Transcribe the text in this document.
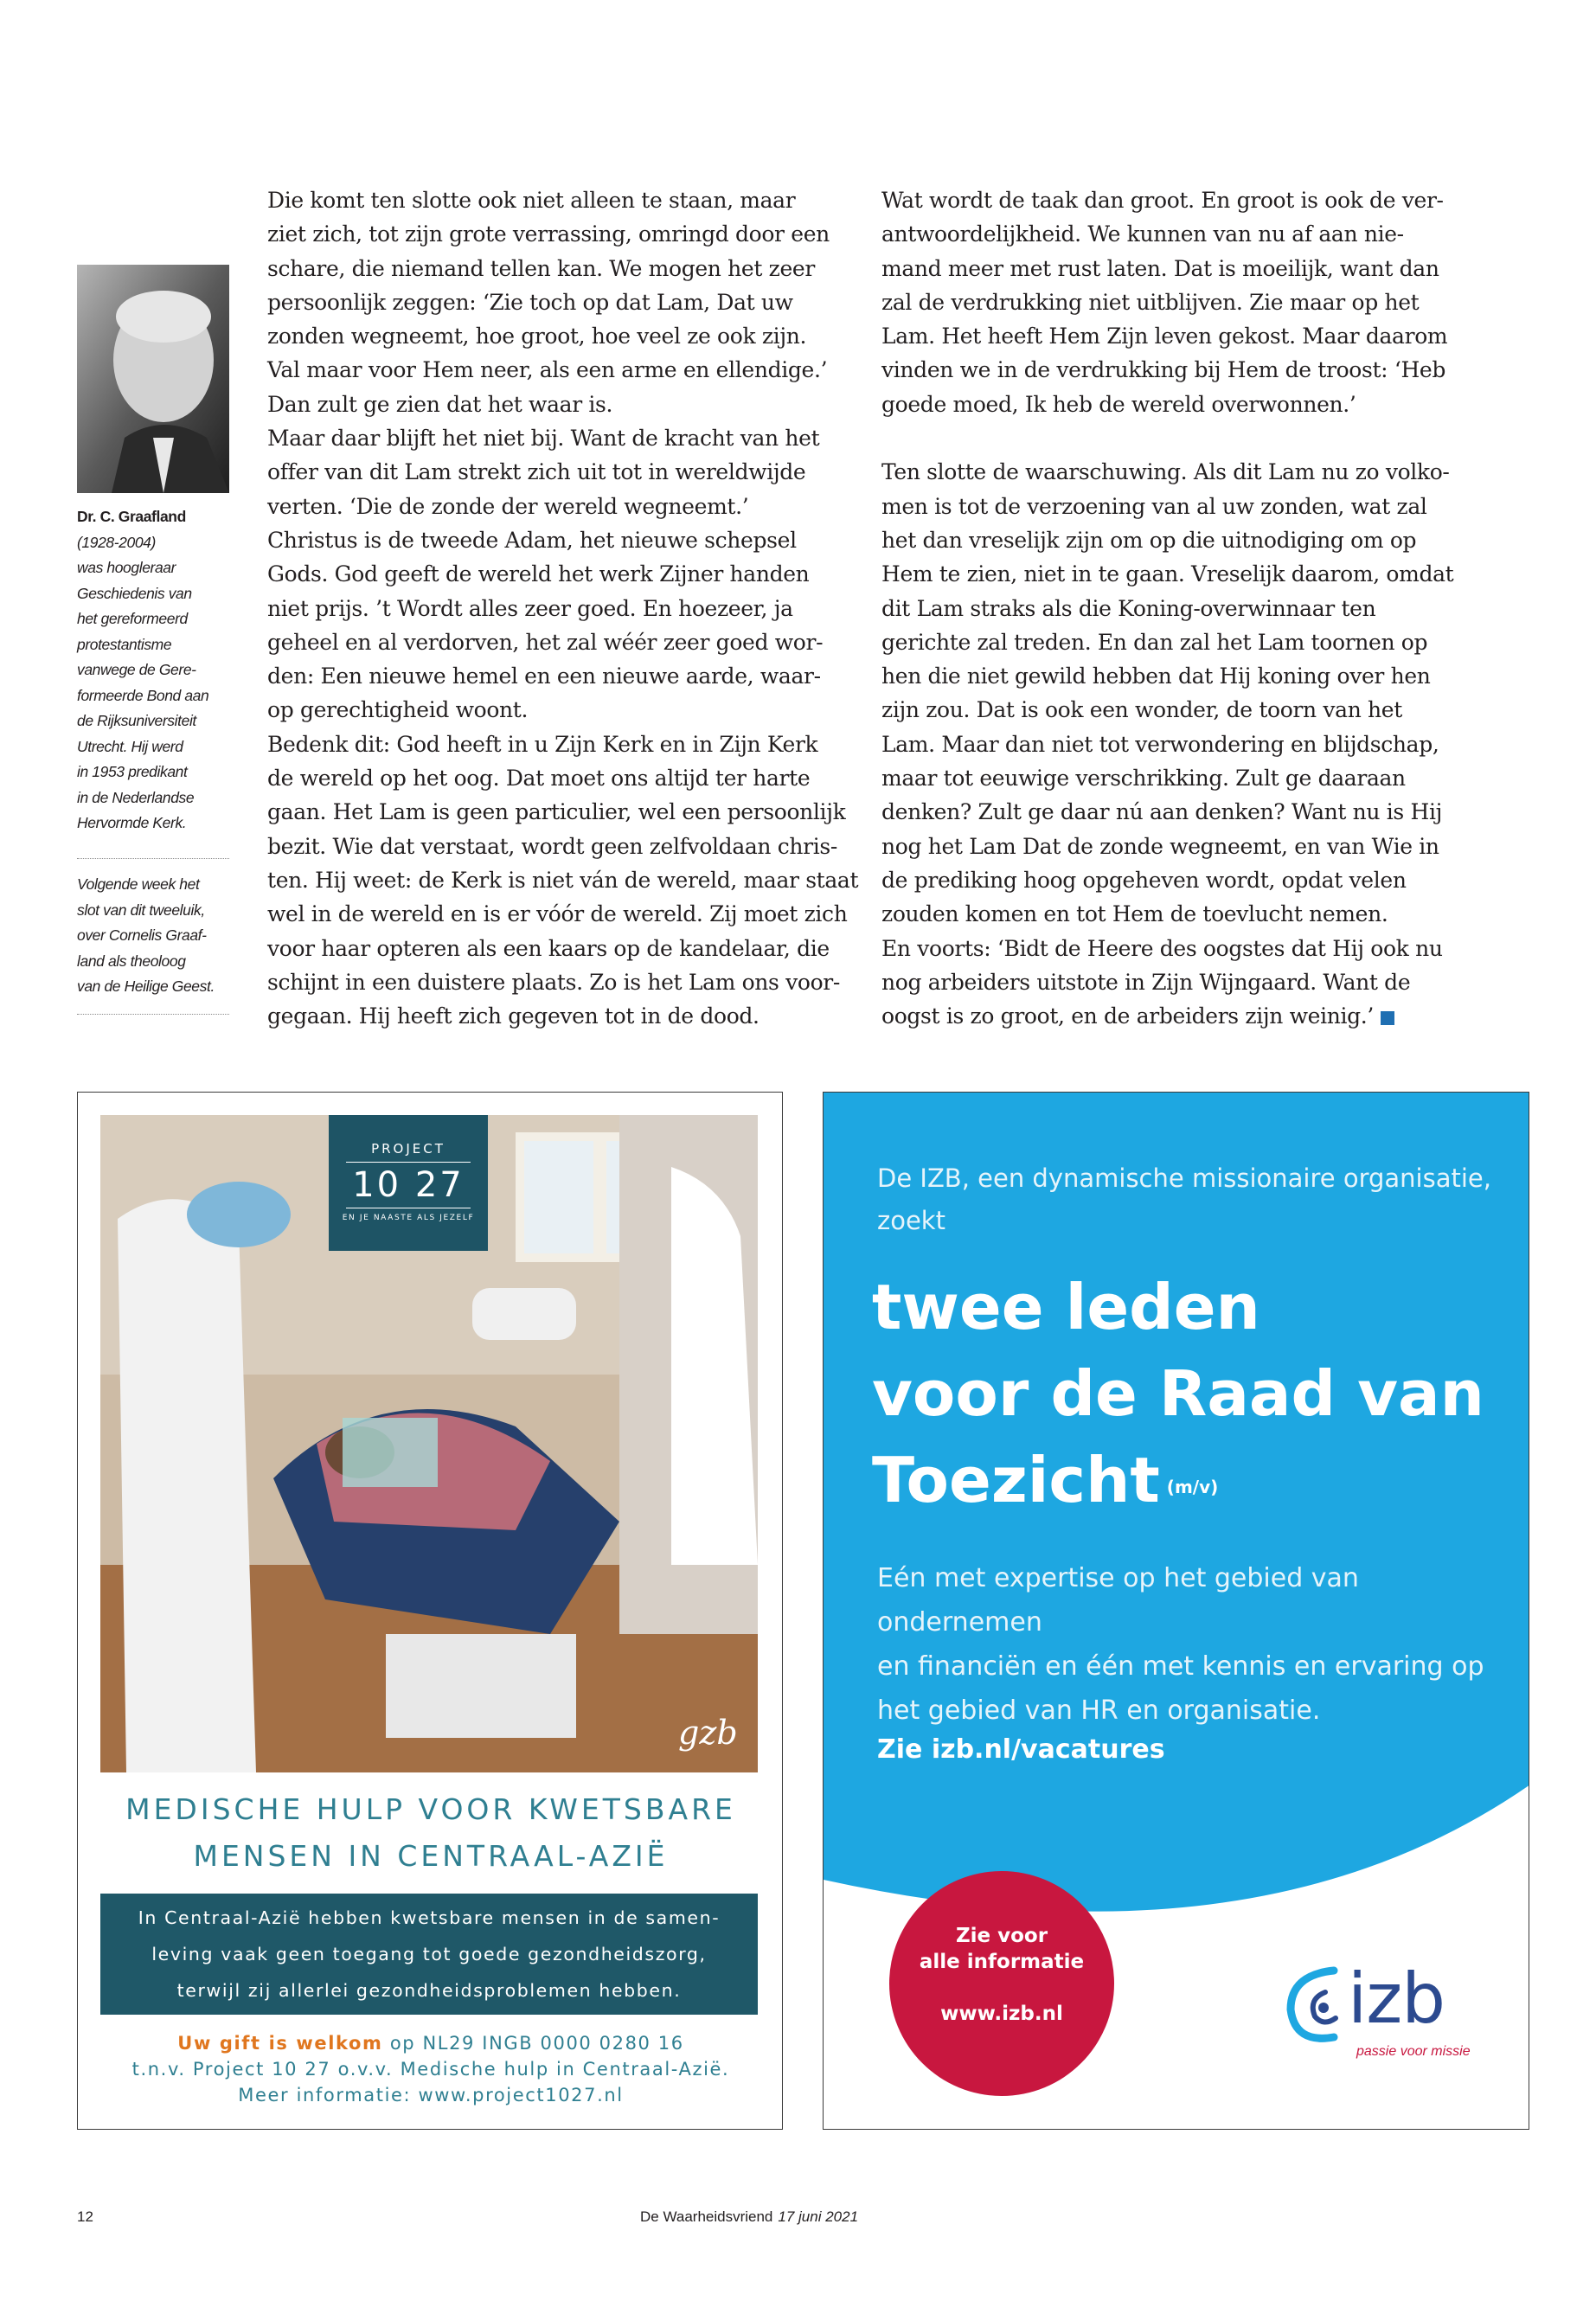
Dr. C. Graafland
(1928-2004)
was hoogleraar
Geschiedenis van
het gereformeerd
protestantisme
vanwege de Gere-
formeerde Bond aan
de Rijksuniversiteit
Utrecht. Hij werd
in 1953 predikant
in de Nederlandse
Hervormde Kerk.
Volgende week het
slot van dit tweeluik,
over Cornelis Graaf-
land als theoloog
van de Heilige Geest.
Die komt ten slotte ook niet alleen te staan, maar
ziet zich, tot zijn grote verrassing, omringd door een
schare, die niemand tellen kan. We mogen het zeer
persoonlijk zeggen: ‘Zie toch op dat Lam, Dat uw
zonden wegneemt, hoe groot, hoe veel ze ook zijn.
Val maar voor Hem neer, als een arme en ellendige.’
Dan zult ge zien dat het waar is.
Maar daar blijft het niet bij. Want de kracht van het
offer van dit Lam strekt zich uit tot in wereldwijde
verten. ‘Die de zonde der wereld wegneemt.’
Christus is de tweede Adam, het nieuwe schepsel
Gods. God geeft de wereld het werk Zijner handen
niet prijs. ’t Wordt alles zeer goed. En hoezeer, ja
geheel en al verdorven, het zal wéér zeer goed wor-
den: Een nieuwe hemel en een nieuwe aarde, waar-
op gerechtigheid woont.
Bedenk dit: God heeft in u Zijn Kerk en in Zijn Kerk
de wereld op het oog. Dat moet ons altijd ter harte
gaan. Het Lam is geen particulier, wel een persoonlijk
bezit. Wie dat verstaat, wordt geen zelfvoldaan chris-
ten. Hij weet: de Kerk is niet ván de wereld, maar staat
wel in de wereld en is er vóór de wereld. Zij moet zich
voor haar opteren als een kaars op de kandelaar, die
schijnt in een duistere plaats. Zo is het Lam ons voor-
gegaan. Hij heeft zich gegeven tot in de dood.
Wat wordt de taak dan groot. En groot is ook de ver-
antwoordelijkheid. We kunnen van nu af aan nie-
mand meer met rust laten. Dat is moeilijk, want dan
zal de verdrukking niet uitblijven. Zie maar op het
Lam. Het heeft Hem Zijn leven gekost. Maar daarom
vinden we in de verdrukking bij Hem de troost: ‘Heb
goede moed, Ik heb de wereld overwonnen.’
Ten slotte de waarschuwing. Als dit Lam nu zo volko-
men is tot de verzoening van al uw zonden, wat zal
het dan vreselijk zijn om op die uitnodiging om op
Hem te zien, niet in te gaan. Vreselijk daarom, omdat
dit Lam straks als die Koning-overwinnaar ten
gerichte zal treden. En dan zal het Lam toornen op
hen die niet gewild hebben dat Hij koning over hen
zijn zou. Dat is ook een wonder, de toorn van het
Lam. Maar dan niet tot verwondering en blijdschap,
maar tot eeuwige verschrikking. Zult ge daaraan
denken? Zult ge daar nú aan denken? Want nu is Hij
nog het Lam Dat de zonde wegneemt, en van Wie in
de prediking hoog opgeheven wordt, opdat velen
zouden komen en tot Hem de toevlucht nemen.
En voorts: ‘Bidt de Heere des oogstes dat Hij ook nu
nog arbeiders uitstote in Zijn Wijngaard. Want de
oogst is zo groot, en de arbeiders zijn weinig.’
PROJECT
10 27
EN JE NAASTE ALS JEZELF
gzb
MEDISCHE HULP VOOR KWETSBARE
MENSEN IN CENTRAAL-AZIË
In Centraal-Azië hebben kwetsbare mensen in de samen-
leving vaak geen toegang tot goede gezondheidszorg,
terwijl zij allerlei gezondheidsproblemen hebben.
Uw gift is welkom op NL29 INGB 0000 0280 16
t.n.v. Project 10 27 o.v.v. Medische hulp in Centraal-Azië.
Meer informatie: www.project1027.nl
De IZB, een dynamische missionaire organisatie,
zoekt
twee leden
voor de Raad van
Toezicht $^{(m/v)}$
Eén met expertise op het gebied van ondernemen
en financiën en één met kennis en ervaring op
het gebied van HR en organisatie.
Zie izb.nl/vacatures
Zie voor
alle informatie
www.izb.nl	izb
passie voor missie
12	De Waarheidsvriend 17 juni 2021
